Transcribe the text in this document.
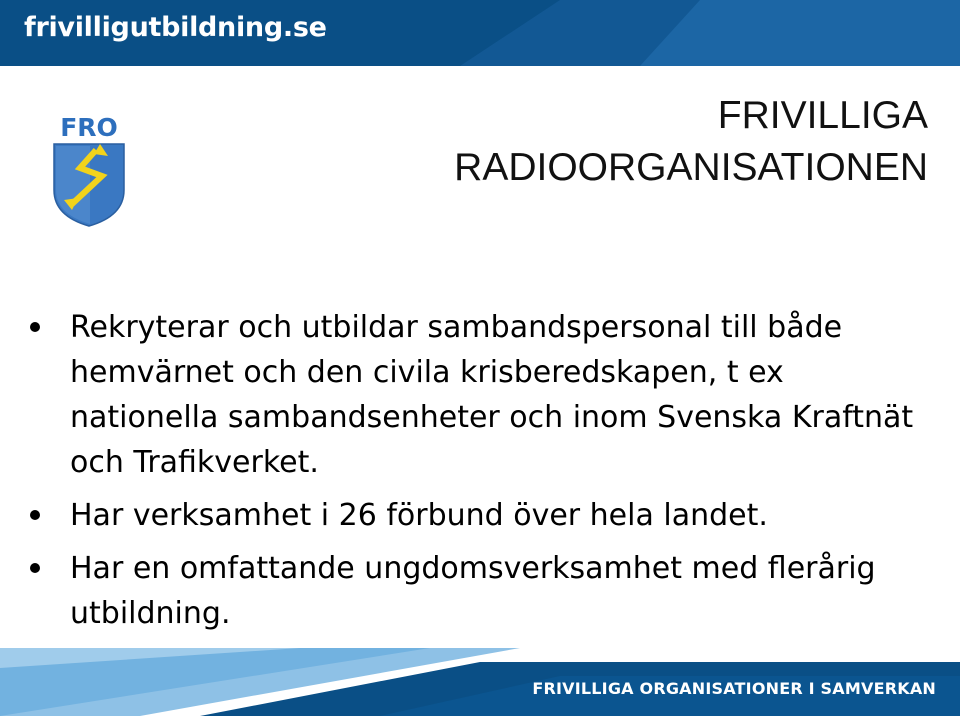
frivilligutbildning.se
FRO	FRIVILLIGA
RADIOORGANISATIONEN
Rekryterar och utbildar sambandspersonal till både hemvärnet och den civila krisberedskapen, t ex nationella sambandsenheter och inom Svenska Kraftnät och Trafikverket.
Har verksamhet i 26 förbund över hela landet.
Har en omfattande ungdomsverksamhet med flerårig utbildning.
FRIVILLIGA ORGANISATIONER I SAMVERKAN
